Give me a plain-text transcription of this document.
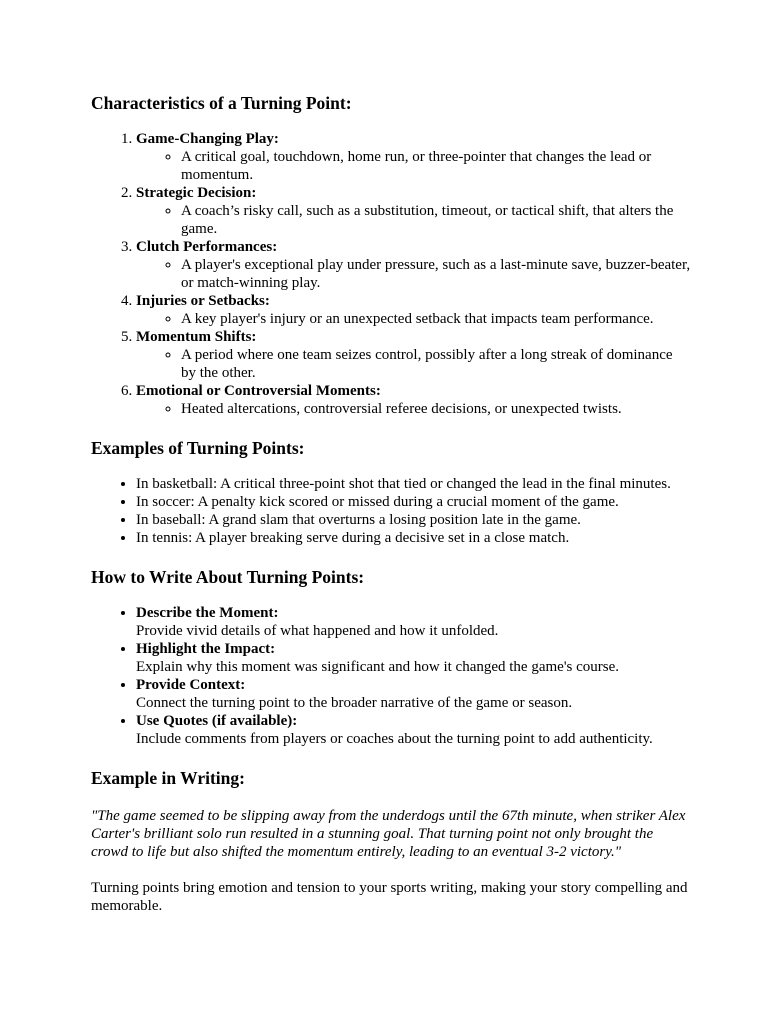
Characteristics of a Turning Point:
1. Game-Changing Play:
◦ A critical goal, touchdown, home run, or three-pointer that changes the lead or momentum.
2. Strategic Decision:
◦ A coach’s risky call, such as a substitution, timeout, or tactical shift, that alters the game.
3. Clutch Performances:
◦ A player's exceptional play under pressure, such as a last-minute save, buzzer-beater, or match-winning play.
4. Injuries or Setbacks:
◦ A key player's injury or an unexpected setback that impacts team performance.
5. Momentum Shifts:
◦ A period where one team seizes control, possibly after a long streak of dominance by the other.
6. Emotional or Controversial Moments:
◦ Heated altercations, controversial referee decisions, or unexpected twists.
Examples of Turning Points:
• In basketball: A critical three-point shot that tied or changed the lead in the final minutes.
• In soccer: A penalty kick scored or missed during a crucial moment of the game.
• In baseball: A grand slam that overturns a losing position late in the game.
• In tennis: A player breaking serve during a decisive set in a close match.
How to Write About Turning Points:
• Describe the Moment:
Provide vivid details of what happened and how it unfolded.
• Highlight the Impact:
Explain why this moment was significant and how it changed the game's course.
• Provide Context:
Connect the turning point to the broader narrative of the game or season.
• Use Quotes (if available):
Include comments from players or coaches about the turning point to add authenticity.
Example in Writing:

"The game seemed to be slipping away from the underdogs until the 67th minute, when striker Alex Carter's brilliant solo run resulted in a stunning goal. That turning point not only brought the crowd to life but also shifted the momentum entirely, leading to an eventual 3-2 victory."

Turning points bring emotion and tension to your sports writing, making your story compelling and memorable.
